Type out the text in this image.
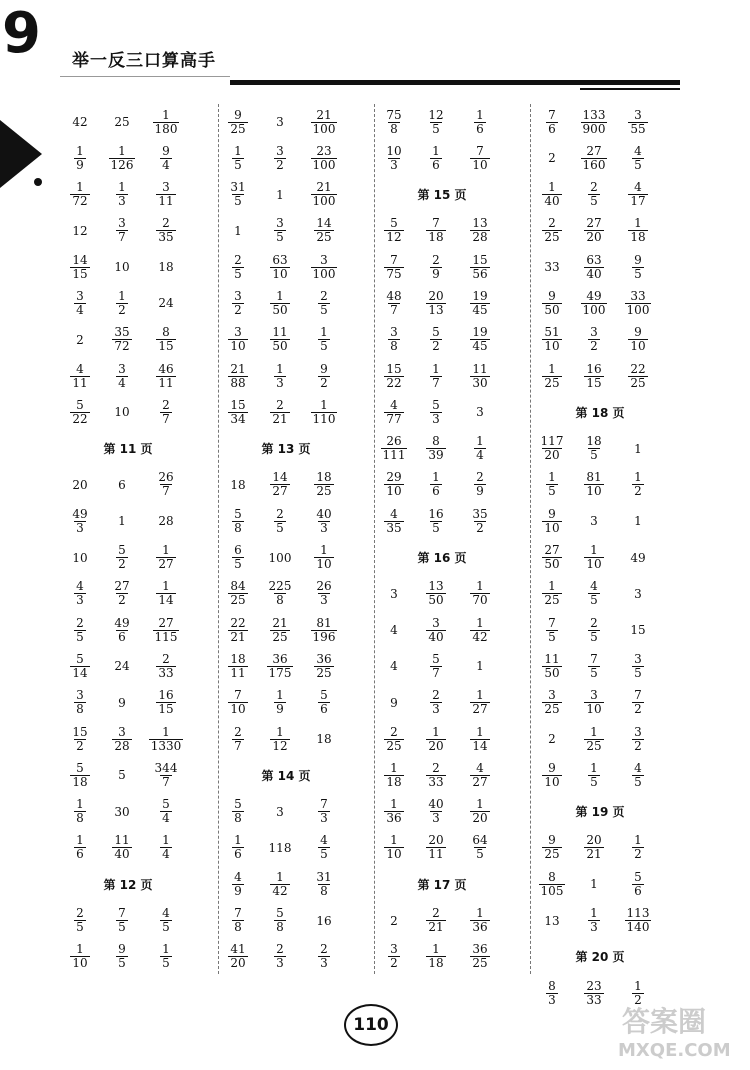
9 举一反三口算高手
42	25	$\frac{1}{180}$
$\frac{1}{9} \frac{1}{126} \frac{9}{4}$
$\frac{1}{72} \frac{1}{3} \frac{3}{11}$
12	$\frac{3}{7} \frac{2}{35}$
$\frac{14}{15}$	10	18
$\frac{3}{4}$	$\frac{1}{2}$	24
2	$\frac{35}{72} \frac{8}{15}$
$\frac{4}{11} \frac{3}{4} \frac{46}{11}$
$\frac{5}{22}$	10	$\frac{2}{7}$
第 11 页
20	6	$\frac{26}{7}$
$\frac{49}{3}$	1	28
10	$\frac{5}{2} \frac{1}{27}$
$\frac{4}{3} \frac{27}{2} \frac{1}{14}$
$\frac{2}{5} \frac{49}{6} \frac{27}{115}$
$\frac{5}{14}$	24	$\frac{2}{33}$
$\frac{3}{8}$	9	$\frac{16}{15}$
$\frac{15}{2} \frac{3}{28} \frac{1}{1330}$
$\frac{5}{18}$	5	$\frac{344}{7}$
$\frac{1}{8}$	30	$\frac{5}{4}$
$\frac{1}{6} \frac{11}{40} \frac{1}{4}$
第 12 页
$\frac{2}{5}$	$\frac{7}{5}$	$\frac{4}{5}$
$\frac{1}{10} \frac{9}{5}$	$\frac{1}{5}$
$\frac{9}{25}$	3	$\frac{21}{100}$
$\frac{1}{5}$	$\frac{3}{2} \frac{23}{100}$
$\frac{31}{5}$	1	$\frac{21}{100}$
1	$\frac{3}{5} \frac{14}{25}$
$\frac{2}{5} \frac{63}{10} \frac{3}{100}$
$\frac{3}{2} \frac{1}{50} \frac{2}{5}$
$\frac{3}{10} \frac{11}{50} \frac{1}{5}$
$\frac{21}{88} \frac{1}{3}$	$\frac{9}{2}$
$\frac{15}{34} \frac{2}{21} \frac{1}{110}$
第 13 页
18	$\frac{14}{27} \frac{18}{25}$
$\frac{5}{8}$	$\frac{2}{5} \frac{40}{3}$
$\frac{6}{5}$	100	$\frac{1}{10}$
$\frac{84}{25} \frac{225}{8} \frac{26}{3}$
$\frac{22}{21} \frac{21}{25} \frac{81}{196}$
$\frac{18}{11} \frac{36}{175} \frac{36}{25}$
$\frac{7}{10} \frac{1}{9}$	$\frac{5}{6}$
$\frac{2}{7} \frac{1}{12}$	18
第 14 页
$\frac{5}{8}$	3	$\frac{7}{3}$
$\frac{1}{6}$	118	$\frac{4}{5}$
$\frac{4}{9} \frac{1}{42} \frac{31}{8}$
$\frac{7}{8}$	$\frac{5}{8}$	16
$\frac{41}{20} \frac{2}{3}$	$\frac{2}{3}$
$\frac{75}{8} \frac{12}{5} \frac{1}{6}$
$\frac{10}{3} \frac{1}{6} \frac{7}{10}$
第 15 页
$\frac{5}{12} \frac{7}{18} \frac{13}{28}$
$\frac{7}{75} \frac{2}{9} \frac{15}{56}$
$\frac{48}{7} \frac{20}{13} \frac{19}{45}$
$\frac{3}{8}$	$\frac{5}{2} \frac{19}{45}$
$\frac{15}{22} \frac{1}{7} \frac{11}{30}$
$\frac{4}{77} \frac{5}{3}$	3
$\frac{26}{111} \frac{8}{39} \frac{1}{4}$
$\frac{29}{10} \frac{1}{6}$	$\frac{2}{9}$
$\frac{4}{35} \frac{16}{5} \frac{35}{2}$
第 16 页
3	$\frac{13}{50} \frac{1}{70}$
4	$\frac{3}{40} \frac{1}{42}$
4	$\frac{5}{7}$	1
9	$\frac{2}{3} \frac{1}{27}$
$\frac{2}{25} \frac{1}{20} \frac{1}{14}$
$\frac{1}{18} \frac{2}{33} \frac{4}{27}$
$\frac{1}{36} \frac{40}{3} \frac{1}{20}$
$\frac{1}{10} \frac{20}{11} \frac{64}{5}$
第 17 页
2	$\frac{2}{21} \frac{1}{36}$
$\frac{3}{2} \frac{1}{18} \frac{36}{25}$
$\frac{7}{6} \frac{133}{900} \frac{3}{55}$
2	$\frac{27}{160} \frac{4}{5}$
$\frac{1}{40} \frac{2}{5} \frac{4}{17}$
$\frac{2}{25} \frac{27}{20} \frac{1}{18}$
33	$\frac{63}{40} \frac{9}{5}$
$\frac{9}{50} \frac{49}{100} \frac{33}{100}$
$\frac{51}{10} \frac{3}{2} \frac{9}{10}$
$\frac{1}{25} \frac{16}{15} \frac{22}{25}$
第 18 页
$\frac{117}{20} \frac{18}{5}$	1
$\frac{1}{5} \frac{81}{10} \frac{1}{2}$
$\frac{9}{10}$	3	1
$\frac{27}{50} \frac{1}{10}$	49
$\frac{1}{25} \frac{4}{5}$	3
$\frac{7}{5}$	$\frac{2}{5}$	15
$\frac{11}{50} \frac{7}{5}$	$\frac{3}{5}$
$\frac{3}{25} \frac{3}{10} \frac{7}{2}$
2	$\frac{1}{25} \frac{3}{2}$
$\frac{9}{10} \frac{1}{5}$	$\frac{4}{5}$
第 19 页
$\frac{9}{25} \frac{20}{21} \frac{1}{2}$
$\frac{8}{105}$	1	$\frac{5}{6}$
13	$\frac{1}{3} \frac{113}{140}$
第 20 页
$\frac{8}{3} \frac{23}{33} \frac{1}{2}$
110	答案圈
MXQE.COM
